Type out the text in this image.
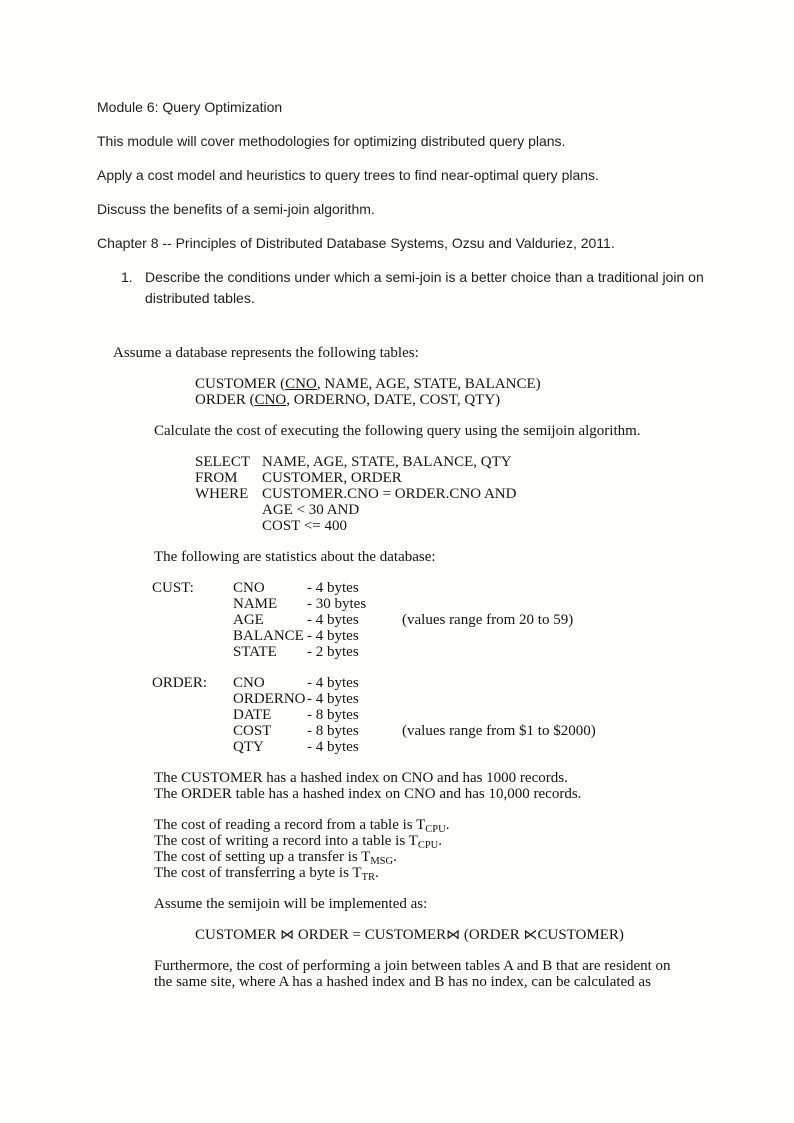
Module 6: Query Optimization

This module will cover methodologies for optimizing distributed query plans.

Apply a cost model and heuristics to query trees to find near-optimal query plans.

Discuss the benefits of a semi-join algorithm.

Chapter 8 -- Principles of Distributed Database Systems, Ozsu and Valduriez, 2011.

1. Describe the conditions under which a semi-join is a better choice than a traditional join on
distributed tables.
Assume a database represents the following tables:
CUSTOMER (CNO, NAME, AGE, STATE, BALANCE)
ORDER (CNO, ORDERNO, DATE, COST, QTY)
Calculate the cost of executing the following query using the semijoin algorithm.
SELECT NAME, AGE, STATE, BALANCE, QTY
FROM	CUSTOMER, ORDER
WHERE CUSTOMER.CNO = ORDER.CNO AND
AGE < 30 AND
COST <= 400
The following are statistics about the database:
CUST:	CNO	- 4 bytes
NAME	- 30 bytes
AGE	- 4 bytes	(values range from 20 to 59)
BALANCE - 4 bytes
STATE	- 2 bytes
ORDER:	CNO	- 4 bytes
ORDERNO - 4 bytes
DATE	- 8 bytes
COST	- 8 bytes	(values range from $1 to $2000)
QTY	- 4 bytes
The CUSTOMER has a hashed index on CNO and has 1000 records.
The ORDER table has a hashed index on CNO and has 10,000 records.
The cost of reading a record from a table is $T_{CPU}$.
The cost of writing a record into a table is $T_{CPU}$.
The cost of setting up a transfer is $T_{MSG}$.
The cost of transferring a byte is $T_{TR}$.
Assume the semijoin will be implemented as:
CUSTOMER ⋈ ORDER = CUSTOMER⋈ (ORDER ⋉CUSTOMER)
Furthermore, the cost of performing a join between tables A and B that are resident on
the same site, where A has a hashed index and B has no index, can be calculated as
